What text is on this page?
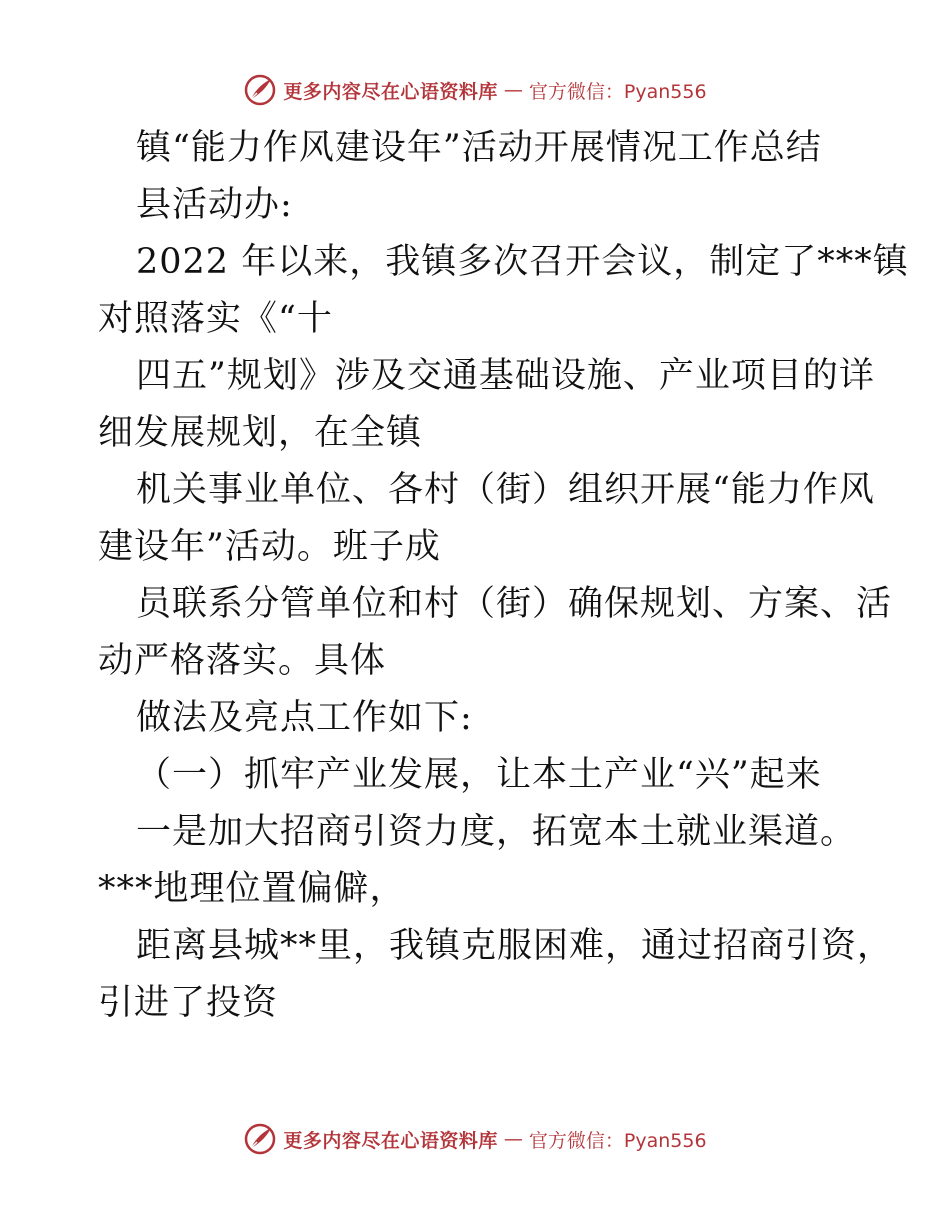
更多内容尽在心语资料库 — 官方微信：Pyan556
镇“能力作风建设年”活动开展情况工作总结
县活动办:
2022 年以来，我镇多次召开会议，制定了***镇
对照落实《“十
四五”规划》涉及交通基础设施、产业项目的详
细发展规划，在全镇
机关事业单位、各村（街）组织开展“能力作风
建设年”活动。班子成
员联系分管单位和村（街）确保规划、方案、活
动严格落实。具体
做法及亮点工作如下:
（一）抓牢产业发展，让本土产业“兴”起来
一是加大招商引资力度，拓宽本土就业渠道。
***地理位置偏僻，
距离县城**里，我镇克服困难，通过招商引资，
引进了投资
更多内容尽在心语资料库 — 官方微信：Pyan556
